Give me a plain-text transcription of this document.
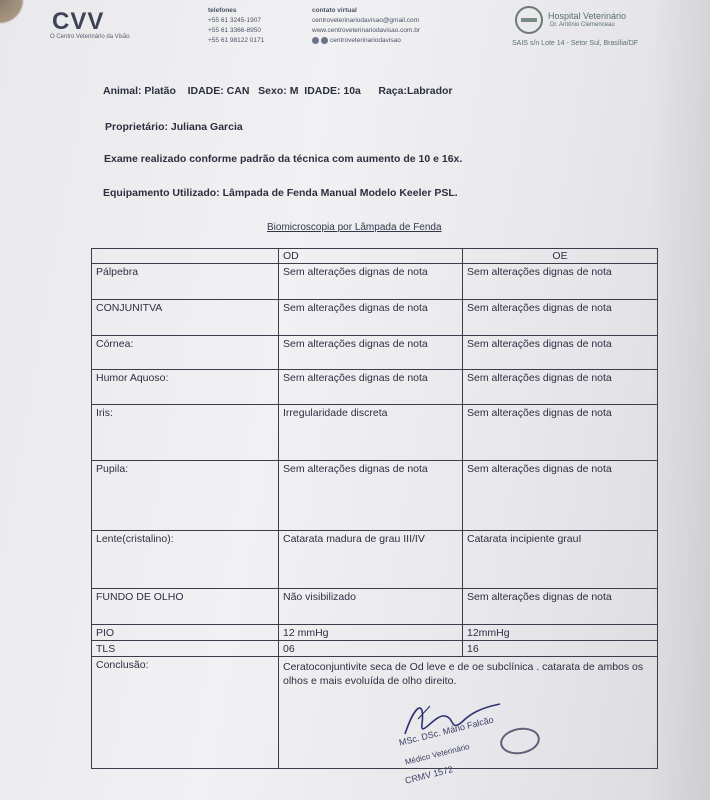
CVV
O Centro Veterinário da Visão
telefones
+55 61 3245-1907
+55 61 3366-8950
+55 61 98122 0171
contato virtual
centroveterinariodavisao@gmail.com
www.centroveterinariodavisao.com.br
centroveterinariodavisao
Hospital Veterinário
Dr. Antônio Clemenceau
SAIS s/n Lote 14 - Setor Sul, Brasília/DF
Animal: Platão    IDADE: CAN   Sexo: M  IDADE: 10a      Raça:Labrador
Proprietário: Juliana Garcia
Exame realizado conforme padrão da técnica com aumento de 10 e 16x.
Equipamento Utilizado: Lâmpada de Fenda Manual Modelo Keeler PSL.
Biomicroscopia por Lâmpada de Fenda
	OD	OE
Pálpebra	Sem alterações dignas de nota	Sem alterações dignas de nota
CONJUNITVA	Sem alterações dignas de nota	Sem alterações dignas de nota
Córnea:	Sem alterações dignas de nota	Sem alterações dignas de nota
Humor Aquoso:	Sem alterações dignas de nota	Sem alterações dignas de nota
Iris:	Irregularidade discreta	Sem alterações dignas de nota
Pupila:	Sem alterações dignas de nota	Sem alterações dignas de nota
Lente(cristalino):	Catarata madura de grau III/IV	Catarata incipiente grauI
FUNDO DE OLHO	Não visibilizado	Sem alterações dignas de nota
PIO	12 mmHg	12mmHg
TLS	06	16
Conclusão:	Ceratoconjuntivite seca de Od leve e de oe subclínica . catarata de ambos os olhos e mais evoluída de olho direito.	
MSc. DSc. Mário Falcão
Médico Veterinário
CRMV 1572
